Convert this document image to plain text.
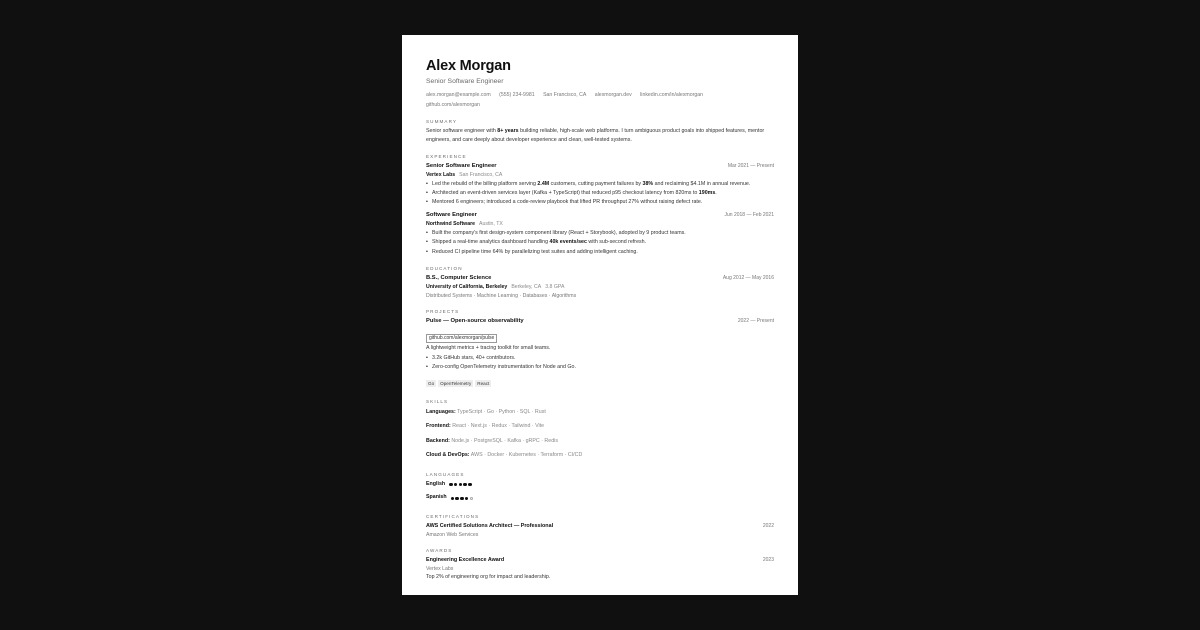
Alex Morgan
Senior Software Engineer
alex.morgan@example.com (555) 234-9981 San Francisco, CA alexmorgan.dev linkedin.com/in/alexmorgan github.com/alexmorgan
SUMMARY
Senior software engineer with 8+ years building reliable, high-scale web platforms. I turn ambiguous product goals into shipped features, mentor engineers, and care deeply about developer experience and clean, well-tested systems.
EXPERIENCE
Senior Software Engineer	Mar 2021 — Present
Vertex Labs San Francisco, CA
• Led the rebuild of the billing platform serving 2.4M customers, cutting payment failures by 38% and reclaiming $4.1M in annual revenue.
• Architected an event-driven services layer (Kafka + TypeScript) that reduced p95 checkout latency from 820ms to 190ms.
• Mentored 6 engineers; introduced a code-review playbook that lifted PR throughput 27% without raising defect rate.
Software Engineer	Jun 2018 — Feb 2021
Northwind Software Austin, TX
• Built the company's first design-system component library (React + Storybook), adopted by 9 product teams.
• Shipped a real-time analytics dashboard handling 40k events/sec with sub-second refresh.
• Reduced CI pipeline time 64% by parallelizing test suites and adding intelligent caching.
EDUCATION
B.S., Computer Science	Aug 2012 — May 2016
University of California, Berkeley Berkeley, CA 3.8 GPA
Distributed Systems · Machine Learning · Databases · Algorithms
PROJECTS
Pulse — Open-source observability	2022 — Present
github.com/alexmorgan/pulse
A lightweight metrics + tracing toolkit for small teams.
• 3.2k GitHub stars, 40+ contributors.
• Zero-config OpenTelemetry instrumentation for Node and Go.
Go OpenTelemetry React
SKILLS
Languages: TypeScript · Go · Python · SQL · Rust
Frontend: React · Next.js · Redux · Tailwind · Vite
Backend: Node.js · PostgreSQL · Kafka · gRPC · Redis
Cloud & DevOps: AWS · Docker · Kubernetes · Terraform · CI/CD
LANGUAGES
English
Spanish
CERTIFICATIONS
AWS Certified Solutions Architect — Professional	2022
Amazon Web Services
AWARDS
Engineering Excellence Award	2023
Vertex Labs
Top 2% of engineering org for impact and leadership.
